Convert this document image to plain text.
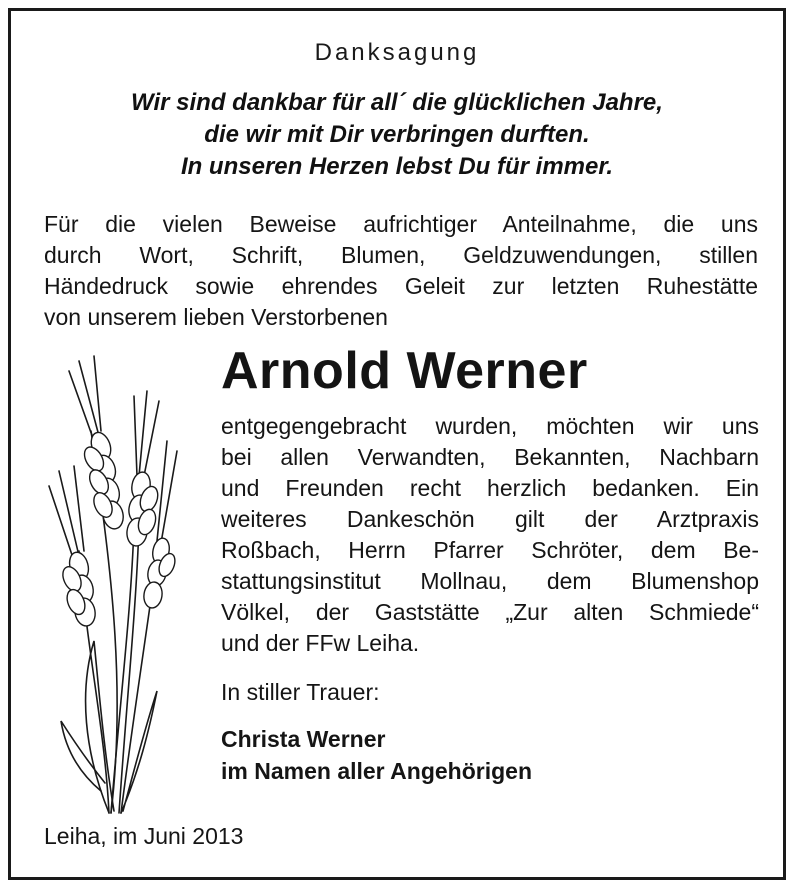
Danksagung
Wir sind dankbar für all´ die glücklichen Jahre,
die wir mit Dir verbringen durften.
In unseren Herzen lebst Du für immer.
Für die vielen Beweise aufrichtiger Anteilnahme, die uns
durch Wort, Schrift, Blumen, Geldzuwendungen, stillen
Händedruck sowie ehrendes Geleit zur letzten Ruhestätte
von unserem lieben Verstorbenen
Arnold Werner
entgegengebracht wurden, möchten wir uns
bei allen Verwandten, Bekannten, Nachbarn
und Freunden recht herzlich bedanken. Ein
weiteres Dankeschön gilt der Arztpraxis
Roßbach, Herrn Pfarrer Schröter, dem Be-
stattungsinstitut Mollnau, dem Blumenshop
Völkel, der Gaststätte „Zur alten Schmiede“
und der FFw Leiha.
In stiller Trauer:
Christa Werner
im Namen aller Angehörigen
Leiha, im Juni 2013
